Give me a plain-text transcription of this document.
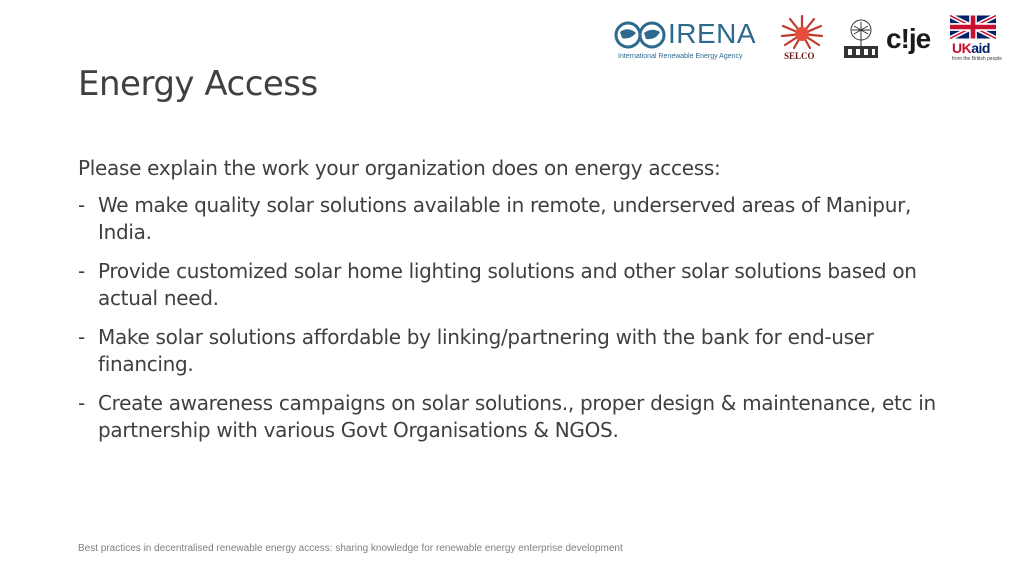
IRENA
International Renewable Energy Agency	SELCO
c!je	UKaid
from the British people
Energy Access

Please explain the work your organization does on energy access:

- We make quality solar solutions available in remote, underserved areas of Manipur, India.
- Provide customized solar home lighting solutions and other solar solutions based on actual need.
- Make solar solutions affordable by linking/partnering with the bank for end-user financing.
- Create awareness campaigns on solar solutions., proper design & maintenance, etc in partnership with various Govt Organisations & NGOS.
Best practices in decentralised renewable energy access: sharing knowledge for renewable energy enterprise development
